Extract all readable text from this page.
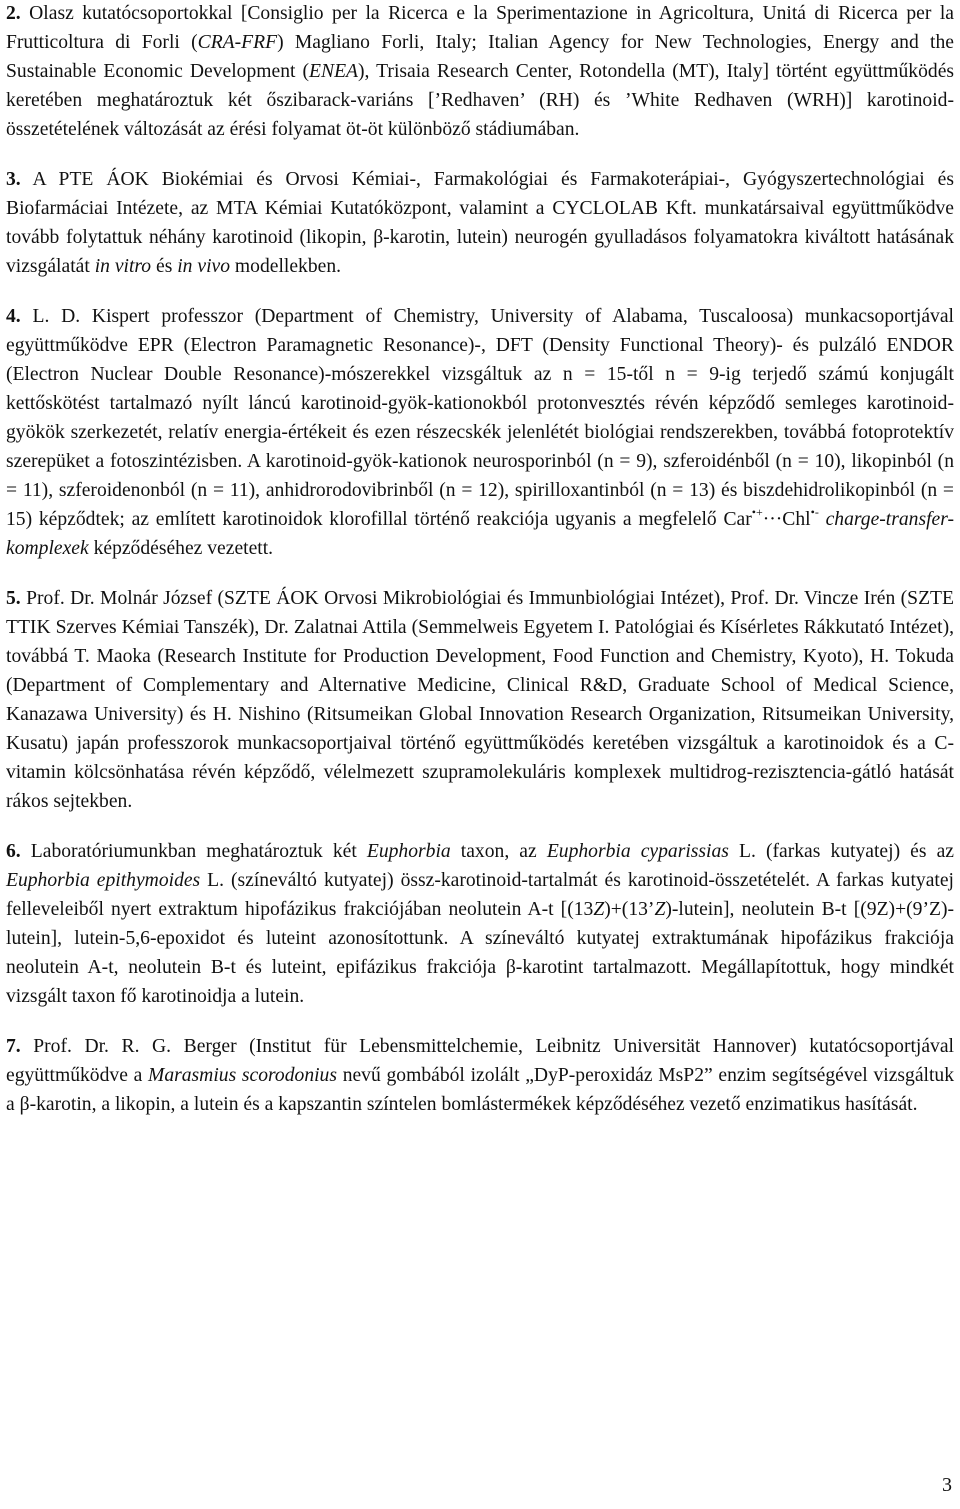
2. Olasz kutatócsoportokkal [Consiglio per la Ricerca e la Sperimentazione in Agricoltura, Unitá di Ricerca per la Frutticoltura di Forli (CRA-FRF) Magliano Forli, Italy; Italian Agency for New Technologies, Energy and the Sustainable Economic Development (ENEA), Trisaia Research Center, Rotondella (MT), Italy] történt együttműködés keretében meghatároztuk két őszibarack-variáns [’Redhaven’ (RH) és ’White Redhaven (WRH)] karotinoid-összetételének változását az érési folyamat öt-öt különböző stádiumában.

3. A PTE ÁOK Biokémiai és Orvosi Kémiai-, Farmakológiai és Farmakoterápiai-, Gyógyszertechnológiai és Biofarmáciai Intézete, az MTA Kémiai Kutatóközpont, valamint a CYCLOLAB Kft. munkatársaival együttműködve tovább folytattuk néhány karotinoid (likopin, β-karotin, lutein) neurogén gyulladásos folyamatokra kiváltott hatásának vizsgálatát in vitro és in vivo modellekben.

4. L. D. Kispert professzor (Department of Chemistry, University of Alabama, Tuscaloosa) munkacsoportjával együttműködve EPR (Electron Paramagnetic Resonance)-, DFT (Density Functional Theory)- és pulzáló ENDOR (Electron Nuclear Double Resonance)-mószerekkel vizsgáltuk az n = 15-től n = 9-ig terjedő számú konjugált kettőskötést tartalmazó nyílt láncú karotinoid-gyök-kationokból protonvesztés révén képződő semleges karotinoid-gyökök szerkezetét, relatív energia-értékeit és ezen részecskék jelenlétét biológiai rendszerekben, továbbá fotoprotektív szerepüket a fotoszintézisben. A karotinoid-gyök-kationok neurosporinból (n = 9), szferoidénből (n = 10), likopinból (n = 11), szferoidenonból (n = 11), anhidrorodovibrinből (n = 12), spirilloxantinból (n = 13) és biszdehidrolikopinból (n = 15) képződtek; az említett karotinoidok klorofillal történő reakciója ugyanis a megfelelő Car•+···Chl•- charge-transfer-komplexek képződéséhez vezetett.

5. Prof. Dr. Molnár József (SZTE ÁOK Orvosi Mikrobiológiai és Immunbiológiai Intézet), Prof. Dr. Vincze Irén (SZTE TTIK Szerves Kémiai Tanszék), Dr. Zalatnai Attila (Semmelweis Egyetem I. Patológiai és Kísérletes Rákkutató Intézet), továbbá T. Maoka (Research Institute for Production Development, Food Function and Chemistry, Kyoto), H. Tokuda (Department of Complementary and Alternative Medicine, Clinical R&D, Graduate School of Medical Science, Kanazawa University) és H. Nishino (Ritsumeikan Global Innovation Research Organization, Ritsumeikan University, Kusatu) japán professzorok munkacsoportjaival történő együttműködés keretében vizsgáltuk a karotinoidok és a C-vitamin kölcsönhatása révén képződő, vélelmezett szupramolekuláris komplexek multidrog-rezisztencia-gátló hatását rákos sejtekben.

6. Laboratóriumunkban meghatároztuk két Euphorbia taxon, az Euphorbia cyparissias L. (farkas kutyatej) és az Euphorbia epithymoides L. (színeváltó kutyatej) össz-karotinoid-tartalmát és karotinoid-összetételét. A farkas kutyatej felleveleiből nyert extraktum hipofázikus frakciójában neolutein A-t [(13Z)+(13’Z)-lutein], neolutein B-t [(9Z)+(9’Z)-lutein], lutein-5,6-epoxidot és luteint azonosítottunk. A színeváltó kutyatej extraktumának hipofázikus frakciója neolutein A-t, neolutein B-t és luteint, epifázikus frakciója β-karotint tartalmazott. Megállapítottuk, hogy mindkét vizsgált taxon fő karotinoidja a lutein.

7. Prof. Dr. R. G. Berger (Institut für Lebensmittelchemie, Leibnitz Universität Hannover) kutatócsoportjával együttműködve a Marasmius scorodonius nevű gombából izolált „DyP-peroxidáz MsP2” enzim segítségével vizsgáltuk a β-karotin, a likopin, a lutein és a kapszantin színtelen bomlástermékek képződéséhez vezető enzimatikus hasítását.

3
